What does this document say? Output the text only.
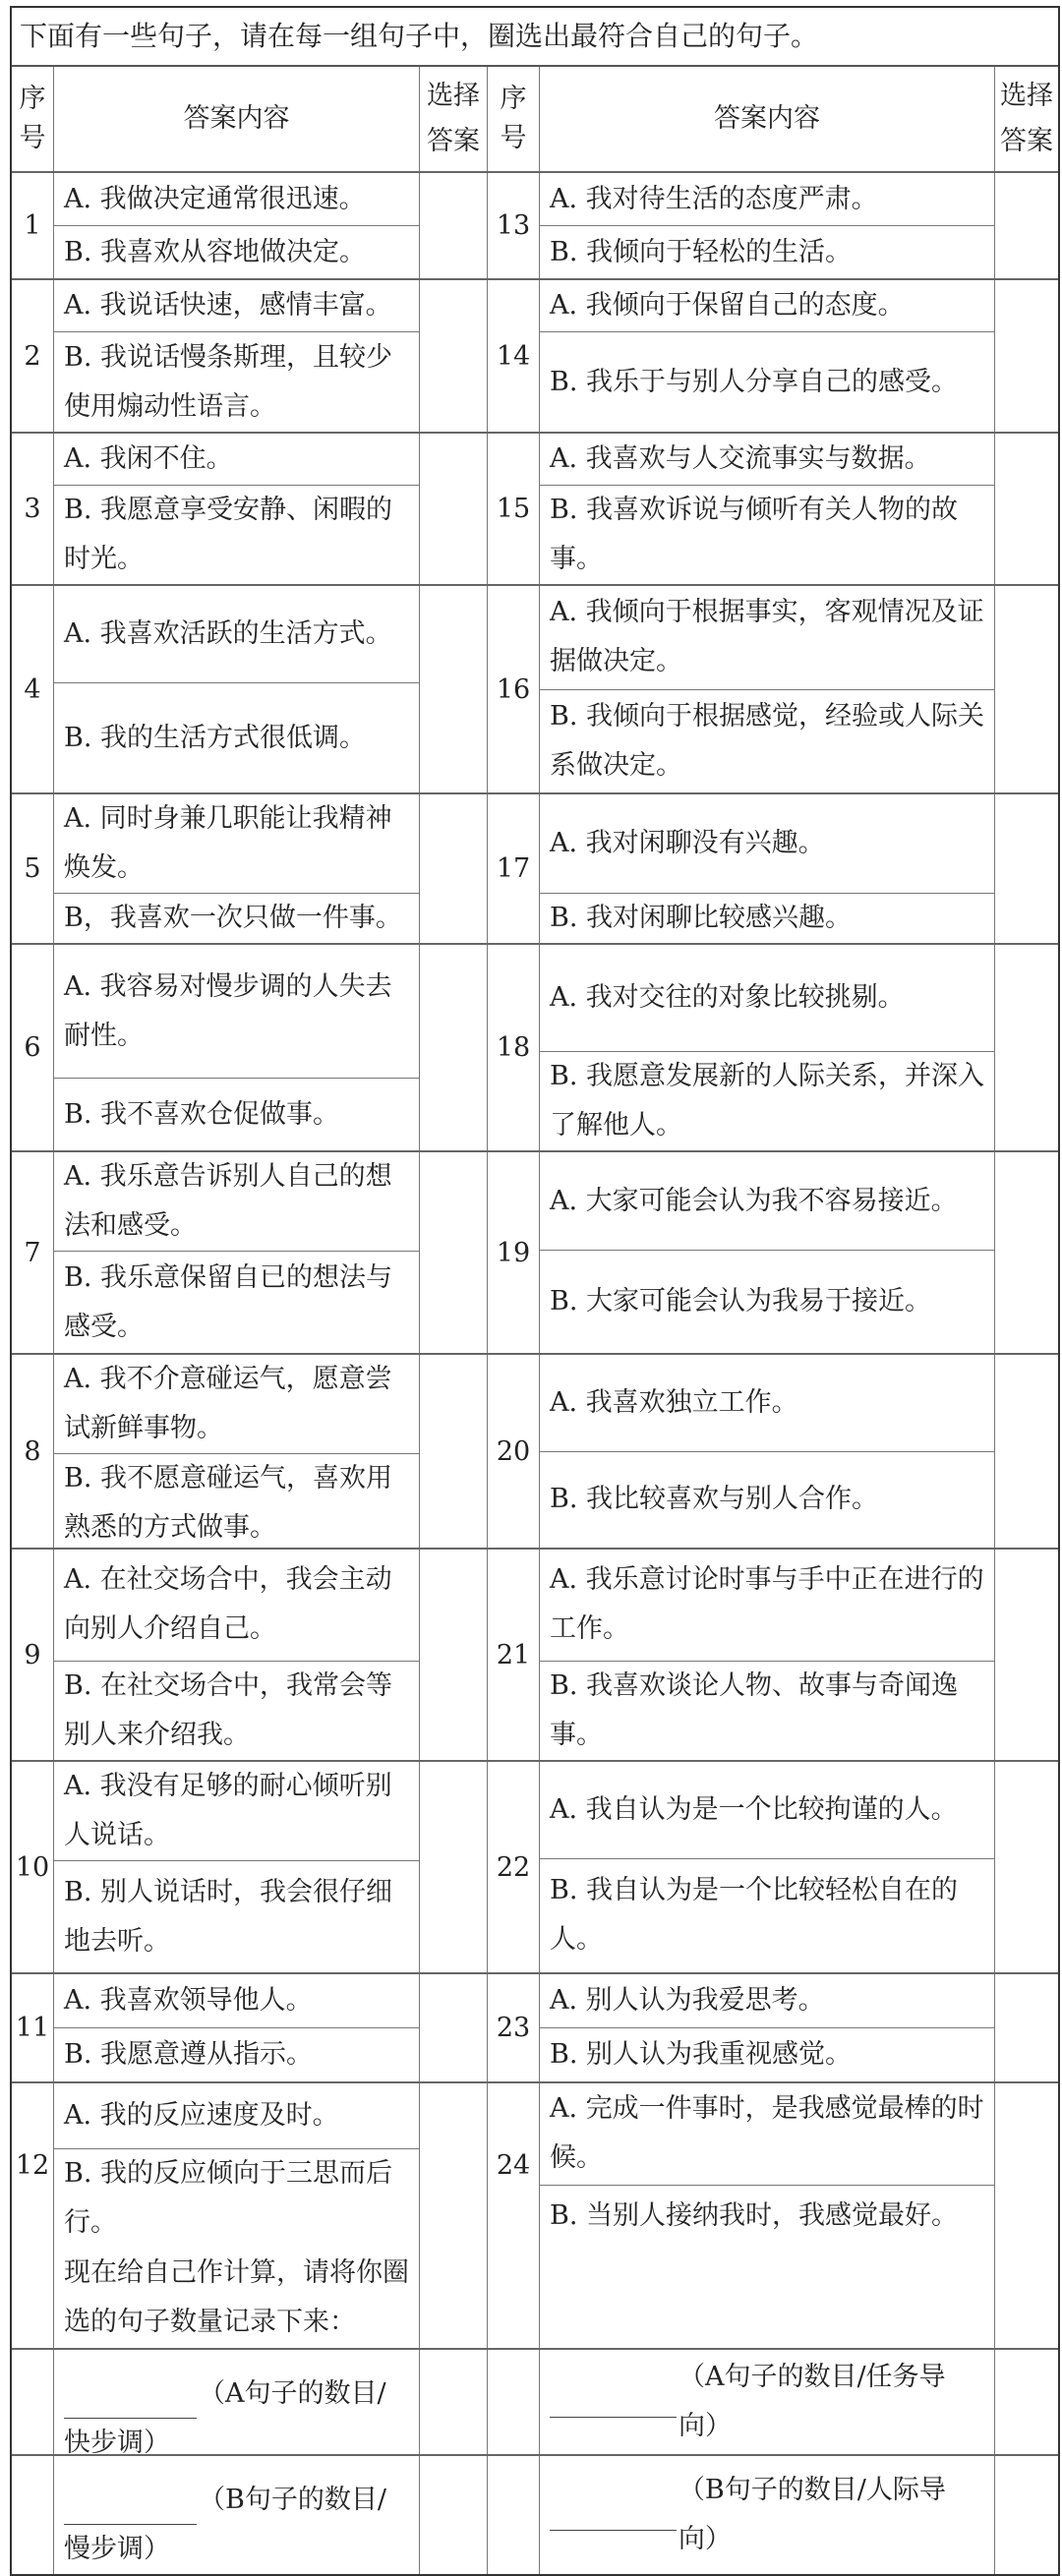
下面有一些句子，请在每一组句子中，圈选出最符合自己的句子。
序号
答案内容
选择答案
序号
答案内容
选择答案
1
A. 我做决定通常很迅速。
B. 我喜欢从容地做决定。
13
A. 我对待生活的态度严肃。
B. 我倾向于轻松的生活。
2
A. 我说话快速，感情丰富。
B. 我说话慢条斯理，且较少使用煽动性语言。
14
A. 我倾向于保留自己的态度。
B. 我乐于与别人分享自己的感受。
3
A. 我闲不住。
B. 我愿意享受安静、闲暇的时光。
15
A. 我喜欢与人交流事实与数据。
B. 我喜欢诉说与倾听有关人物的故事。
4
A. 我喜欢活跃的生活方式。
B. 我的生活方式很低调。
16
A. 我倾向于根据事实，客观情况及证据做决定。
B. 我倾向于根据感觉，经验或人际关系做决定。
5
A. 同时身兼几职能让我精神焕发。
B，我喜欢一次只做一件事。
17
A. 我对闲聊没有兴趣。
B. 我对闲聊比较感兴趣。
6
A. 我容易对慢步调的人失去耐性。
B. 我不喜欢仓促做事。
18
A. 我对交往的对象比较挑剔。
B. 我愿意发展新的人际关系，并深入了解他人。
7
A. 我乐意告诉别人自己的想法和感受。
B. 我乐意保留自已的想法与感受。
19
A. 大家可能会认为我不容易接近。
B. 大家可能会认为我易于接近。
8
A. 我不介意碰运气，愿意尝试新鲜事物。
B. 我不愿意碰运气，喜欢用熟悉的方式做事。
20
A. 我喜欢独立工作。
B. 我比较喜欢与别人合作。
9
A. 在社交场合中，我会主动向别人介绍自己。
B. 在社交场合中，我常会等别人来介绍我。
21
A. 我乐意讨论时事与手中正在进行的工作。
B. 我喜欢谈论人物、故事与奇闻逸事。
10
A. 我没有足够的耐心倾听别人说话。
B. 别人说话时，我会很仔细地去听。
22
A. 我自认为是一个比较拘谨的人。
B. 我自认为是一个比较轻松自在的人。
11
A. 我喜欢领导他人。
B. 我愿意遵从指示。
23
A. 别人认为我爱思考。
B. 别人认为我重视感觉。
12
A. 我的反应速度及时。
B. 我的反应倾向于三思而后行。
24
A. 完成一件事时，是我感觉最棒的时候。
B. 当别人接纳我时，我感觉最好。
现在给自己作计算，请将你圈选的句子数量记录下来：
（A句子的数目/快步调）
（A句子的数目/任务导向）
（B句子的数目/慢步调）
（B句子的数目/人际导向）
